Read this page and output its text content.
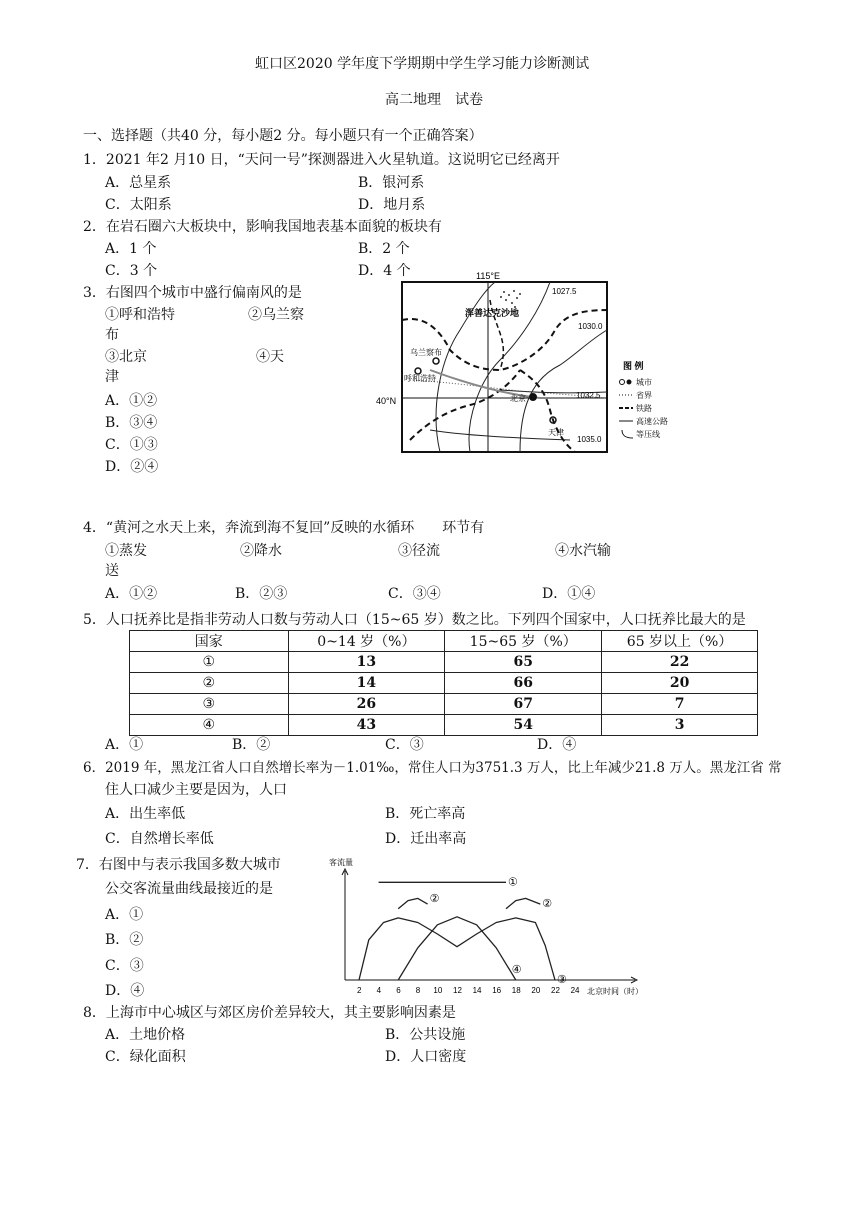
虹口区2020 学年度下学期期中学生学习能力诊断测试
高二地理　试卷
一、选择题（共40 分，每小题2 分。每小题只有一个正确答案）
1．2021 年2 月10 日，“天问一号”探测器进入火星轨道。这说明它已经离开
A．总星系	B．银河系
C．太阳系	D．地月系
2．在岩石圈六大板块中，影响我国地表基本面貌的板块有
A．1 个	B．2 个
C．3 个	D．4 个
3．右图四个城市中盛行偏南风的是
①呼和浩特	②乌兰察
布
③北京	④天
津
A．①②
B．③④
C．①③
D．②④
115°E
40°N
浑善达克沙地
1027.5
1030.0
1032.5
1035.0
乌兰察布
呼和浩特
北京
天津
图 例
城市
省界
铁路
高速公路
等压线
4．“黄河之水天上来，奔流到海不复回”反映的水循环　　环节有
①蒸发	②降水	③径流	④水汽输
送
A．①②	B．②③	C．③④	D．①④
5．人口抚养比是指非劳动人口数与劳动人口（15~65 岁）数之比。下列四个国家中，人口抚养比最大的是
国家	0~14 岁（%）	15~65 岁（%）	65 岁以上（%）
①	13	65	22
②	14	66	20
③	26	67	7
④	43	54	3
A．①	B．②	C．③	D．④
6．2019 年，黑龙江省人口自然增长率为－1.01‰，常住人口为3751.3 万人，比上年减少21.8 万人。黑龙江省 常
住人口减少主要是因为，人口
A．出生率低	B．死亡率高
C．自然增长率低	D．迁出率高
7．右图中与表示我国多数大城市
公交客流量曲线最接近的是
A．①
B．②
C．③
D．④
客流量
北京时间（时）
2 4 6 8 10 12 14 16 18 20 22 24
①
②	②
③
④
8．上海市中心城区与郊区房价差异较大，其主要影响因素是
A．土地价格	B．公共设施
C．绿化面积	D．人口密度
